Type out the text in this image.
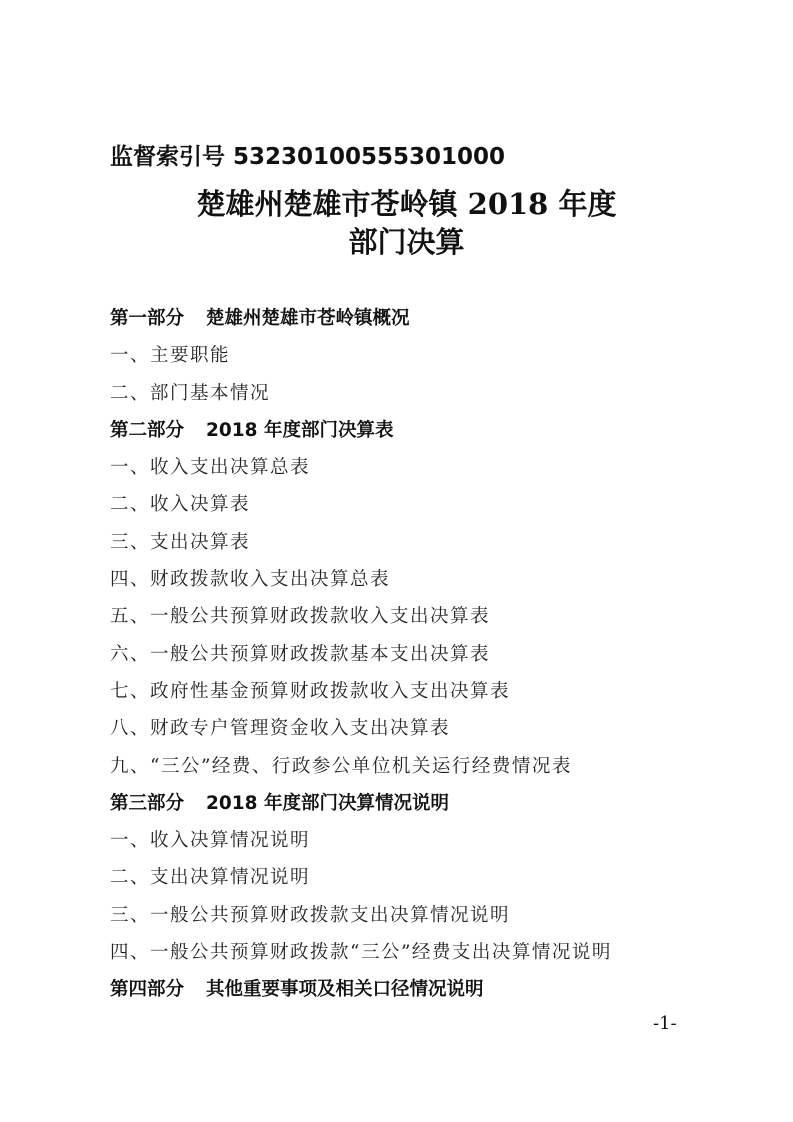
监督索引号 53230100555301000
楚雄州楚雄市苍岭镇 2018 年度
部门决算
第一部分 楚雄州楚雄市苍岭镇概况
一、主要职能
二、部门基本情况
第二部分 2018 年度部门决算表
一、收入支出决算总表
二、收入决算表
三、支出决算表
四、财政拨款收入支出决算总表
五、一般公共预算财政拨款收入支出决算表
六、一般公共预算财政拨款基本支出决算表
七、政府性基金预算财政拨款收入支出决算表
八、财政专户管理资金收入支出决算表
九、“三公”经费、行政参公单位机关运行经费情况表
第三部分 2018 年度部门决算情况说明
一、收入决算情况说明
二、支出决算情况说明
三、一般公共预算财政拨款支出决算情况说明
四、一般公共预算财政拨款“三公”经费支出决算情况说明
第四部分 其他重要事项及相关口径情况说明
-1-
